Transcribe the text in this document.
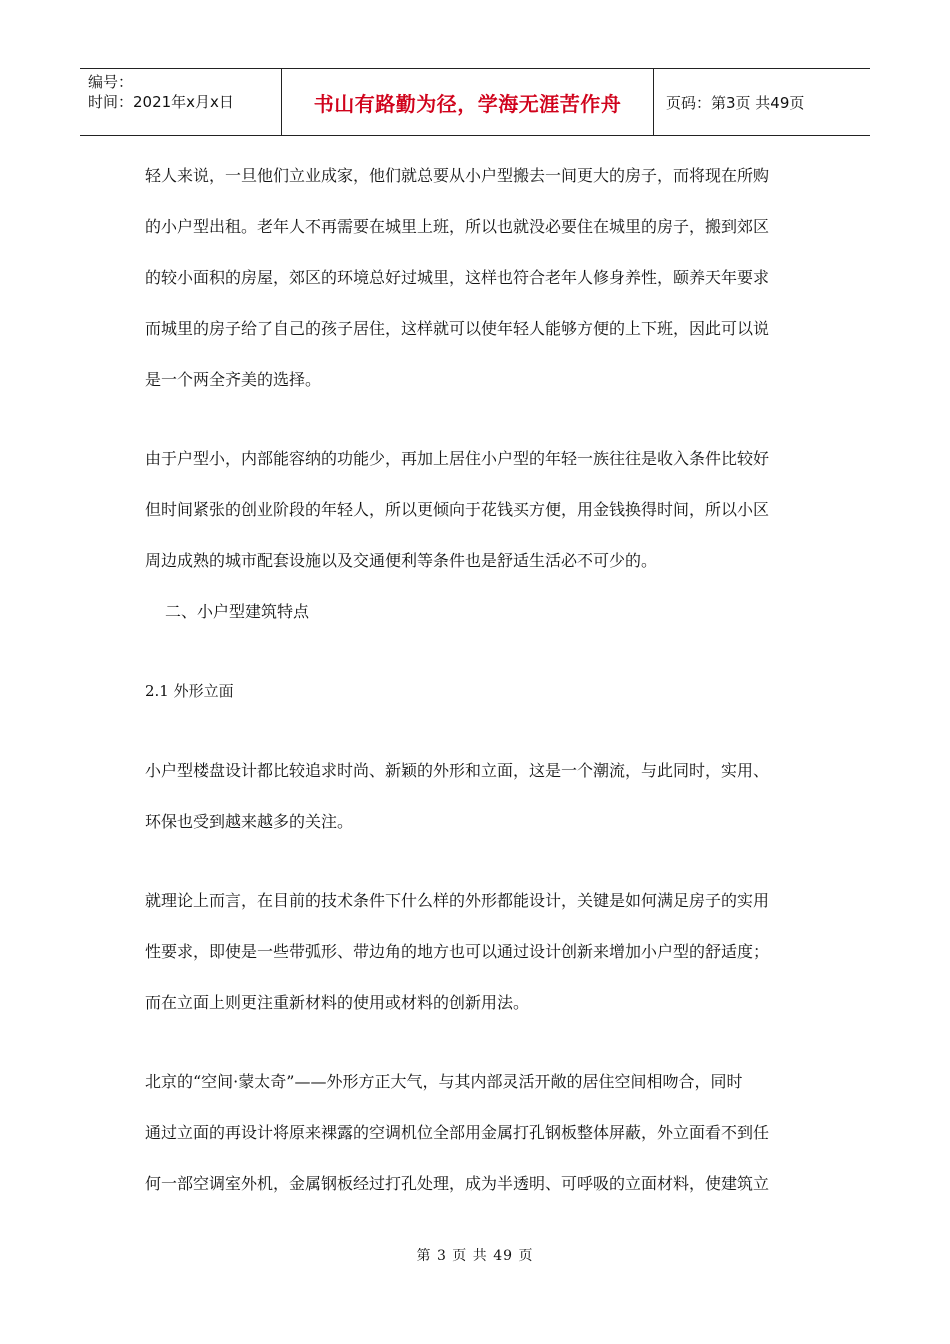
编号：
时间：2021年x月x日	书山有路勤为径，学海无涯苦作舟	页码：第3页 共49页

轻人来说，一旦他们立业成家，他们就总要从小户型搬去一间更大的房子，而将现在所购

的小户型出租。老年人不再需要在城里上班，所以也就没必要住在城里的房子，搬到郊区

的较小面积的房屋，郊区的环境总好过城里，这样也符合老年人修身养性，颐养天年要求

而城里的房子给了自己的孩子居住，这样就可以使年轻人能够方便的上下班，因此可以说

是一个两全齐美的选择。

由于户型小，内部能容纳的功能少，再加上居住小户型的年轻一族往往是收入条件比较好

但时间紧张的创业阶段的年轻人，所以更倾向于花钱买方便，用金钱换得时间，所以小区

周边成熟的城市配套设施以及交通便利等条件也是舒适生活必不可少的。

二、小户型建筑特点

2.1 外形立面

小户型楼盘设计都比较追求时尚、新颖的外形和立面，这是一个潮流，与此同时，实用、

环保也受到越来越多的关注。

就理论上而言，在目前的技术条件下什么样的外形都能设计，关键是如何满足房子的实用

性要求，即使是一些带弧形、带边角的地方也可以通过设计创新来增加小户型的舒适度；

而在立面上则更注重新材料的使用或材料的创新用法。

北京的“空间·蒙太奇”——外形方正大气，与其内部灵活开敞的居住空间相吻合，同时

通过立面的再设计将原来裸露的空调机位全部用金属打孔钢板整体屏蔽，外立面看不到任

何一部空调室外机，金属钢板经过打孔处理，成为半透明、可呼吸的立面材料，使建筑立

第 3 页 共 49 页
